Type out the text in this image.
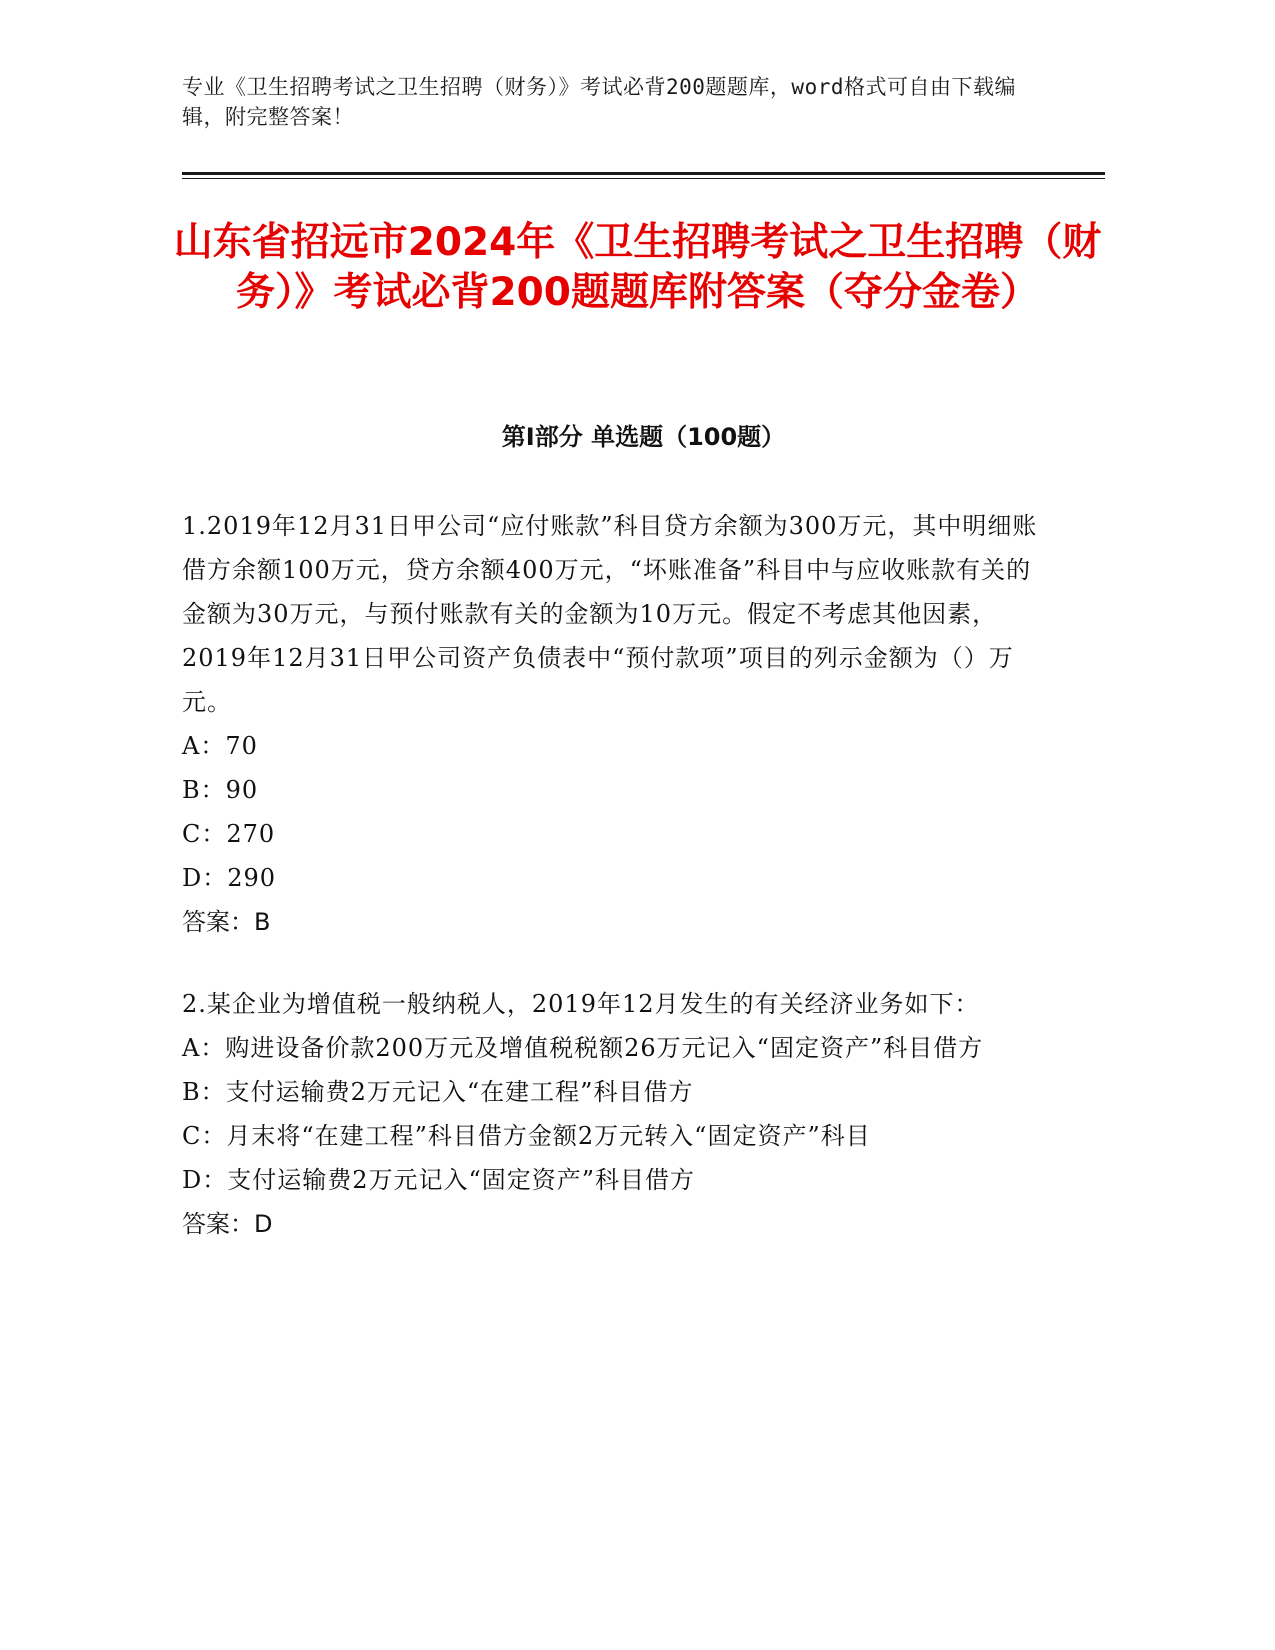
专业《卫生招聘考试之卫生招聘（财务）》考试必背200题题库，word格式可自由下载编辑，附完整答案！
山东省招远市2024年《卫生招聘考试之卫生招聘（财务）》考试必背200题题库附答案（夺分金卷）
第Ⅰ部分 单选题（100题）

1.2019年12月31日甲公司“应付账款”科目贷方余额为300万元，其中明细账借方余额100万元，贷方余额400万元，“坏账准备”科目中与应收账款有关的金额为30万元，与预付账款有关的金额为10万元。假定不考虑其他因素，2019年12月31日甲公司资产负债表中“预付款项”项目的列示金额为（）万元。

A：70

B：90

C：270

D：290

答案：B

2.某企业为增值税一般纳税人，2019年12月发生的有关经济业务如下：

A：购进设备价款200万元及增值税税额26万元记入“固定资产”科目借方

B：支付运输费2万元记入“在建工程”科目借方

C：月末将“在建工程”科目借方金额2万元转入“固定资产”科目

D：支付运输费2万元记入“固定资产”科目借方

答案：D
